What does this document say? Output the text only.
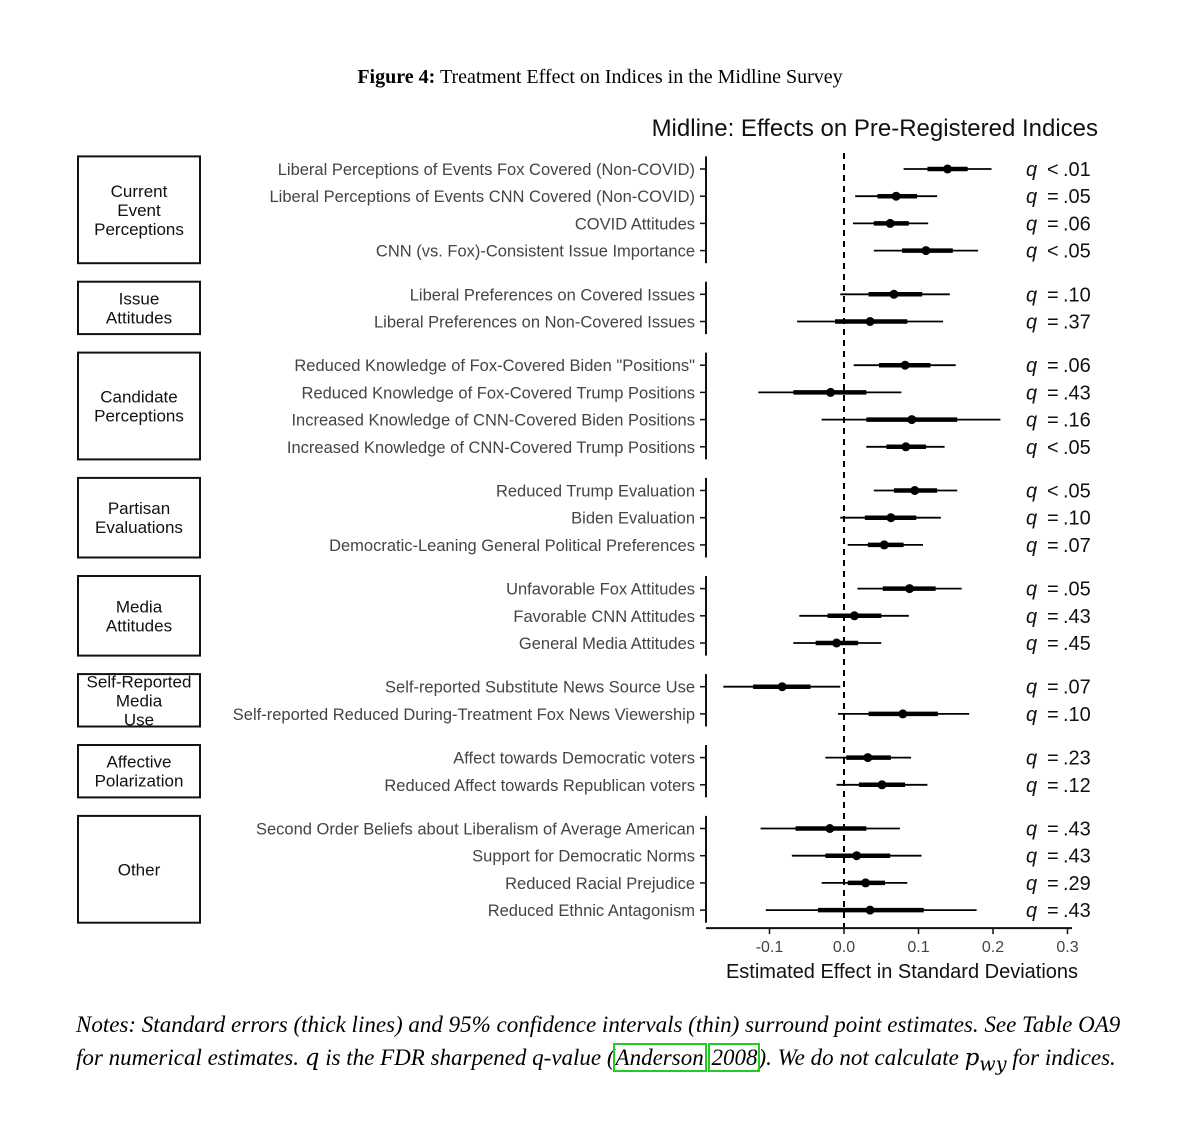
Figure 4: Treatment Effect on Indices in the Midline Survey
Midline: Effects on Pre-Registered Indices
Current
Event
Perceptions
Liberal Perceptions of Events Fox Covered (Non-COVID)	q < .01
Liberal Perceptions of Events CNN Covered (Non-COVID)	q = .05
COVID Attitudes	q = .06
CNN (vs. Fox)-Consistent Issue Importance	q < .05
Issue
Attitudes
Liberal Preferences on Covered Issues	q = .10
Liberal Preferences on Non-Covered Issues	q = .37
Candidate
Perceptions
Reduced Knowledge of Fox-Covered Biden "Positions"	q = .06
Reduced Knowledge of Fox-Covered Trump Positions	q = .43
Increased Knowledge of CNN-Covered Biden Positions	q = .16
Increased Knowledge of CNN-Covered Trump Positions	q < .05
Partisan
Evaluations
Reduced Trump Evaluation	q < .05
Biden Evaluation	q = .10
Democratic-Leaning General Political Preferences	q = .07
Media
Attitudes
Unfavorable Fox Attitudes	q = .05
Favorable CNN Attitudes	q = .43
General Media Attitudes	q = .45
Self-Reported
Media
Use
Self-reported Substitute News Source Use	q = .07
Self-reported Reduced During-Treatment Fox News Viewership	q = .10
Affective
Polarization
Affect towards Democratic voters	q = .23
Reduced Affect towards Republican voters	q = .12
Other
Second Order Beliefs about Liberalism of Average American	q = .43
Support for Democratic Norms	q = .43
Reduced Racial Prejudice	q = .29
Reduced Ethnic Antagonism	q = .43
-0.1	0.0	0.1	0.2	0.3
Estimated Effect in Standard Deviations
Notes: Standard errors (thick lines) and 95% confidence intervals (thin) surround point estimates. See Table OA9 for numerical estimates. q is the FDR sharpened q-value (Anderson 2008). We do not calculate $p_{wy}$ for indices.
